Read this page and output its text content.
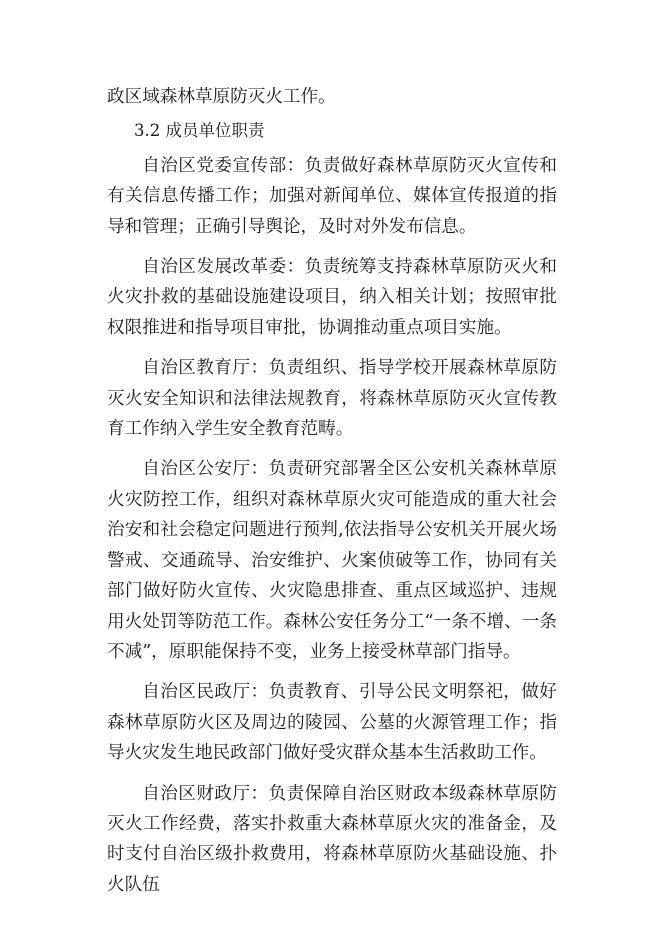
政区域森林草原防灭火工作。

3.2 成员单位职责

自治区党委宣传部：负责做好森林草原防灭火宣传和有关信息传播工作；加强对新闻单位、媒体宣传报道的指导和管理；正确引导舆论，及时对外发布信息。

自治区发展改革委：负责统筹支持森林草原防灭火和火灾扑救的基础设施建设项目，纳入相关计划；按照审批权限推进和指导项目审批，协调推动重点项目实施。

自治区教育厅：负责组织、指导学校开展森林草原防灭火安全知识和法律法规教育，将森林草原防灭火宣传教育工作纳入学生安全教育范畴。

自治区公安厅：负责研究部署全区公安机关森林草原火灾防控工作，组织对森林草原火灾可能造成的重大社会治安和社会稳定问题进行预判,依法指导公安机关开展火场警戒、交通疏导、治安维护、火案侦破等工作，协同有关部门做好防火宣传、火灾隐患排查、重点区域巡护、违规用火处罚等防范工作。森林公安任务分工“一条不增、一条不减”，原职能保持不变，业务上接受林草部门指导。

自治区民政厅：负责教育、引导公民文明祭祀，做好森林草原防火区及周边的陵园、公墓的火源管理工作；指导火灾发生地民政部门做好受灾群众基本生活救助工作。

自治区财政厅：负责保障自治区财政本级森林草原防灭火工作经费，落实扑救重大森林草原火灾的准备金，及时支付自治区级扑救费用，将森林草原防火基础设施、扑火队伍
